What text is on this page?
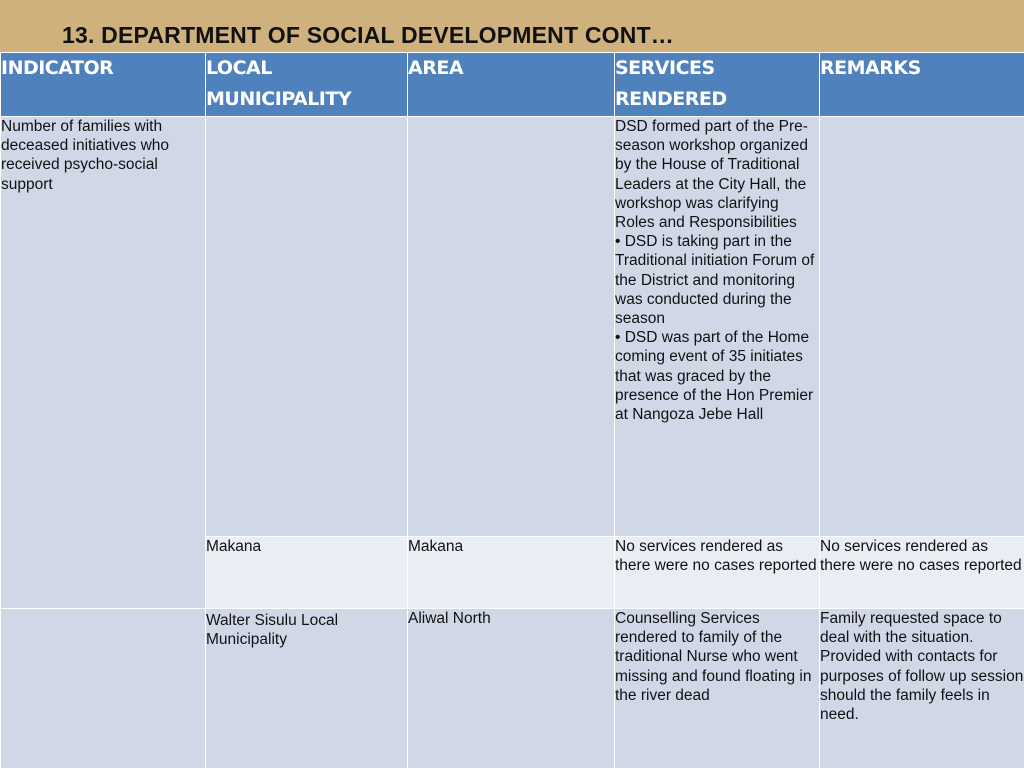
13. DEPARTMENT OF SOCIAL DEVELOPMENT CONT…
INDICATOR	LOCAL MUNICIPALITY	AREA	SERVICES RENDERED	REMARKS
Number of families with deceased initiatives who received psycho-social support			DSD formed part of the Pre-season workshop organized by the House of Traditional Leaders at the City Hall, the workshop was clarifying Roles and Responsibilities
• DSD is taking part in the Traditional initiation Forum of the District and monitoring was conducted during the season
• DSD was part of the Home coming event of 35 initiates that was graced by the presence of the Hon Premier at Nangoza Jebe Hall	

	Makana	Makana	No services rendered as there were no cases reported	No services rendered as there were no cases reported
	Walter Sisulu Local Municipality	Aliwal North	Counselling Services rendered to family of the traditional Nurse who went missing and found floating in the river dead	Family requested space to deal with the situation. Provided with contacts for purposes of follow up session should the family feels in need.
